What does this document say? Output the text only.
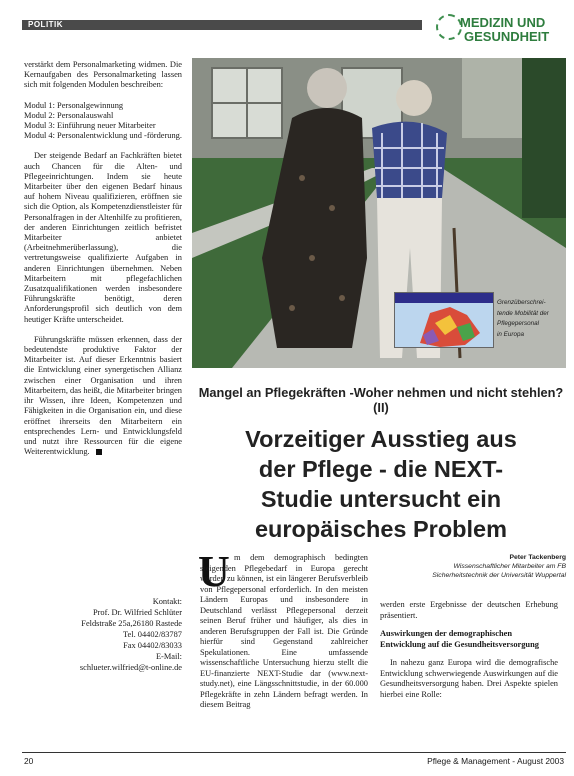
POLITIK	MEDIZIN UND
GESUNDHEIT

verstärkt dem Personalmarketing widmen. Die Kernaufgaben des Personalmarketing lassen sich mit folgenden Modulen beschreiben:

Modul 1: Personalgewinnung
Modul 2: Personalauswahl
Modul 3: Einführung neuer Mitarbeiter
Modul 4: Personalentwicklung und -förderung.

Der steigende Bedarf an Fachkräften bietet auch Chancen für die Alten- und Pflegeeinrichtungen. Indem sie heute Mitarbeiter über den eigenen Bedarf hinaus auf hohem Niveau qualifizieren, eröffnen sie sich die Option, als Kompetenzdienstleister für Personalfragen in der Altenhilfe zu profitieren, der anderen Einrichtungen zeitlich befristet Mitarbeiter anbietet (Arbeitnehmerüberlassung), die vertretungsweise qualifizierte Aufgaben in anderen Einrichtungen übernehmen. Neben Mitarbeitern mit pflegefachlichen Zusatzqualifikationen werden insbesondere Führungskräfte benötigt, deren Anforderungsprofil sich deutlich von dem heutiger Kräfte unterscheidet.

Führungskräfte müssen erkennen, dass der bedeutendste produktive Faktor der Mitarbeiter ist. Auf dieser Erkenntnis basiert die Entwicklung einer synergetischen Allianz zwischen einer Organisation und ihren Mitarbeitern, das heißt, die Mitarbeiter bringen ihr Wissen, ihre Ideen, Kompetenzen und Fähigkeiten in die Organisation ein, und diese eröffnet ihrerseits den Mitarbeitern ein entsprechendes Lern- und Entwicklungsfeld und nutzt ihre Ressourcen für die eigene Weiterentwicklung.

Kontakt:
Prof. Dr. Wilfried Schlüter
Feldstraße 25a,26180 Rastede
Tel. 04402/83787
Fax 04402/83033
E-Mail:
schlueter.wilfried@t-online.de
Grenzüberschrei-
tende Mobilität der
Pflegepersonal
in Europa
Mangel an Pflegekräften -Woher nehmen und nicht stehlen? (II)
Vorzeitiger Ausstieg aus
der Pflege - die NEXT-
Studie untersucht ein
europäisches Problem
U m dem demographisch bedingten steigenden Pflegebedarf in Europa gerecht werden zu können, ist ein längerer Berufsverbleib von Pflegepersonal erforderlich. In den meisten Ländern Europas und insbesondere in Deutschland verlässt Pflegepersonal derzeit seinen Beruf früher und häufiger, als dies in anderen Berufsgruppen der Fall ist. Die Gründe hierfür sind Gegenstand zahlreicher Spekulationen. Eine umfassende wissenschaftliche Untersuchung hierzu stellt die EU-finanzierte NEXT-Studie dar (www.next-study.net), eine Längsschnittstudie, in der 60.000 Pflegekräfte in zehn Ländern befragt werden. In diesem Beitrag

Peter Tackenberg
Wissenschaftlicher Mitarbeiter am FB
Sicherheitstechnik der Universität Wuppertal

werden erste Ergebnisse der deutschen Erhebung präsentiert.

Auswirkungen der demographischen Entwicklung auf die Gesundheitsversorgung

In nahezu ganz Europa wird die demografische Entwicklung schwerwiegende Auswirkungen auf die Gesundheitsversorgung haben. Drei Aspekte spielen hierbei eine Rolle:

20	Pflege & Management - August 2003
